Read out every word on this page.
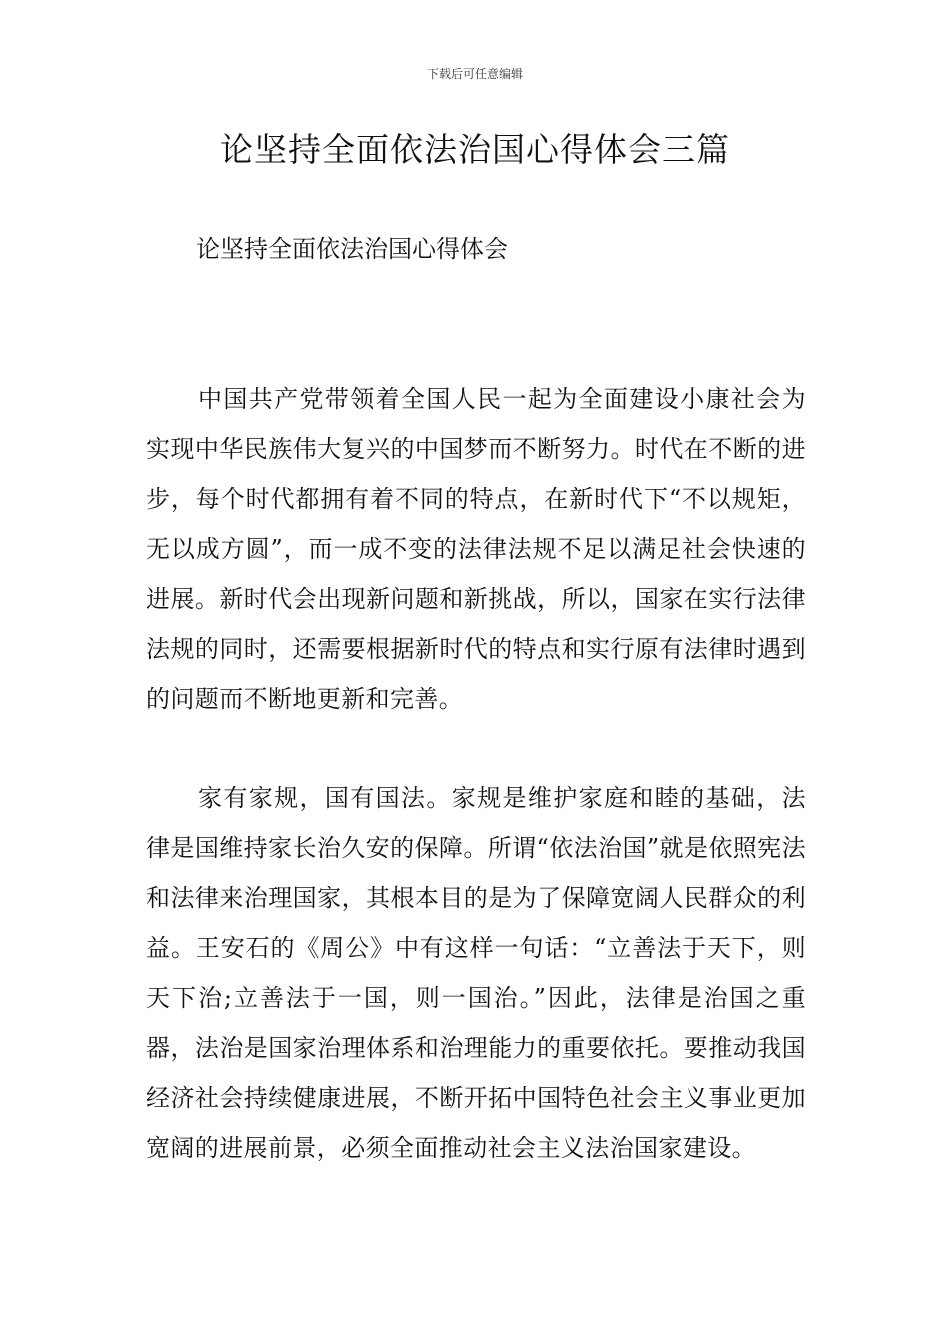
下载后可任意编辑
论坚持全面依法治国心得体会三篇

论坚持全面依法治国心得体会

中国共产党带领着全国人民一起为全面建设小康社会为实现中华民族伟大复兴的中国梦而不断努力。时代在不断的进步，每个时代都拥有着不同的特点，在新时代下“不以规矩，无以成方圆”，而一成不变的法律法规不足以满足社会快速的进展。新时代会出现新问题和新挑战，所以，国家在实行法律法规的同时，还需要根据新时代的特点和实行原有法律时遇到的问题而不断地更新和完善。

家有家规，国有国法。家规是维护家庭和睦的基础，法律是国维持家长治久安的保障。所谓“依法治国”就是依照宪法和法律来治理国家，其根本目的是为了保障宽阔人民群众的利益。王安石的《周公》中有这样一句话：“立善法于天下，则天下治;立善法于一国，则一国治。”因此，法律是治国之重器，法治是国家治理体系和治理能力的重要依托。要推动我国经济社会持续健康进展，不断开拓中国特色社会主义事业更加宽阔的进展前景，必须全面推动社会主义法治国家建设。
